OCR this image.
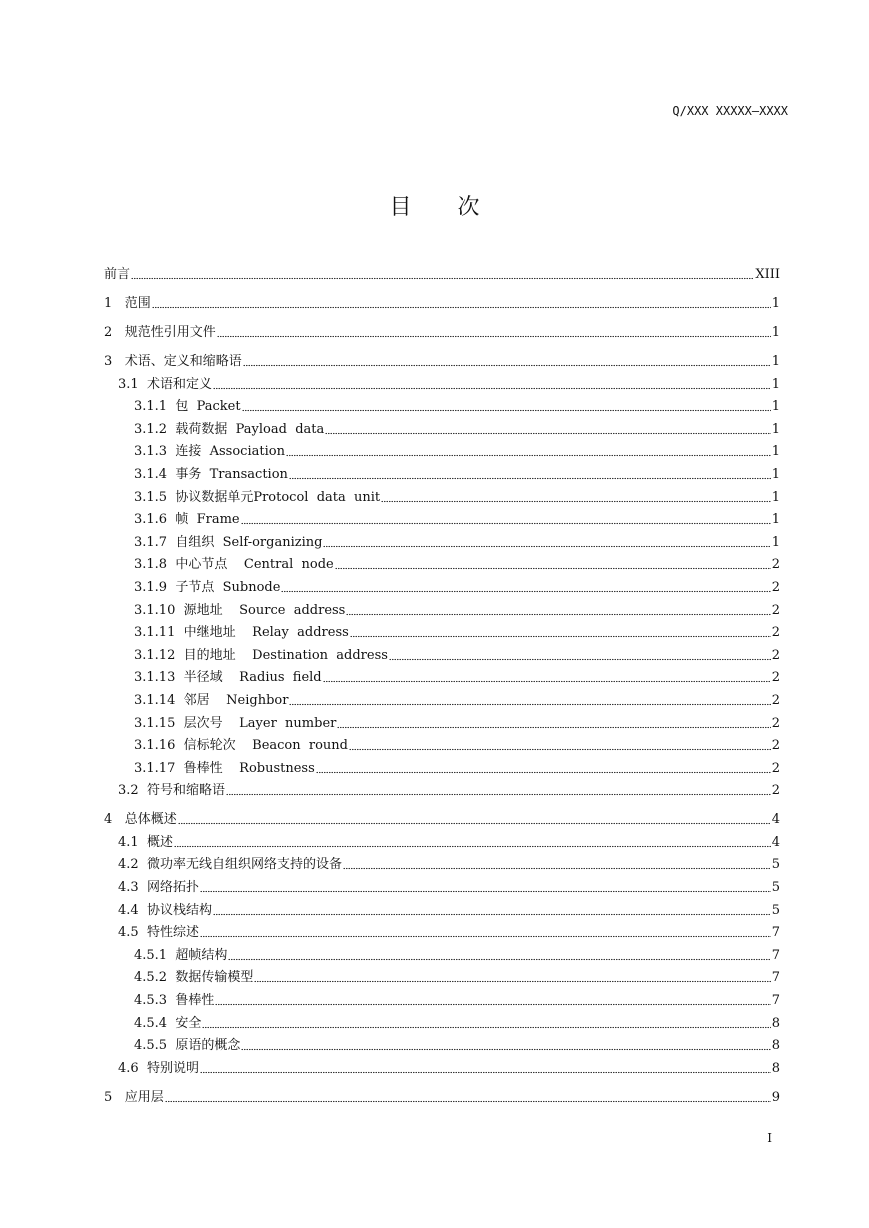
Q/XXX XXXXX—XXXX
目 次
前言	XIII
1 范围	1
2 规范性引用文件	1
3 术语、定义和缩略语	1
3.1 术语和定义	1
3.1.1 包  Packet	1
3.1.2 载荷数据  Payload  data	1
3.1.3 连接  Association	1
3.1.4 事务  Transaction	1
3.1.5 协议数据单元Protocol  data  unit	1
3.1.6 帧  Frame	1
3.1.7 自组织  Self-organizing	1
3.1.8 中心节点    Central  node	2
3.1.9 子节点  Subnode	2
3.1.10 源地址    Source  address	2
3.1.11 中继地址    Relay  address	2
3.1.12 目的地址    Destination  address	2
3.1.13 半径域    Radius  field	2
3.1.14 邻居    Neighbor	2
3.1.15 层次号    Layer  number	2
3.1.16 信标轮次    Beacon  round	2
3.1.17 鲁棒性    Robustness	2
3.2 符号和缩略语	2
4 总体概述	4
4.1 概述	4
4.2 微功率无线自组织网络支持的设备	5
4.3 网络拓扑	5
4.4 协议栈结构	5
4.5 特性综述	7
4.5.1 超帧结构	7
4.5.2 数据传输模型	7
4.5.3 鲁棒性	7
4.5.4 安全	8
4.5.5 原语的概念	8
4.6 特别说明	8
5 应用层	9
I
